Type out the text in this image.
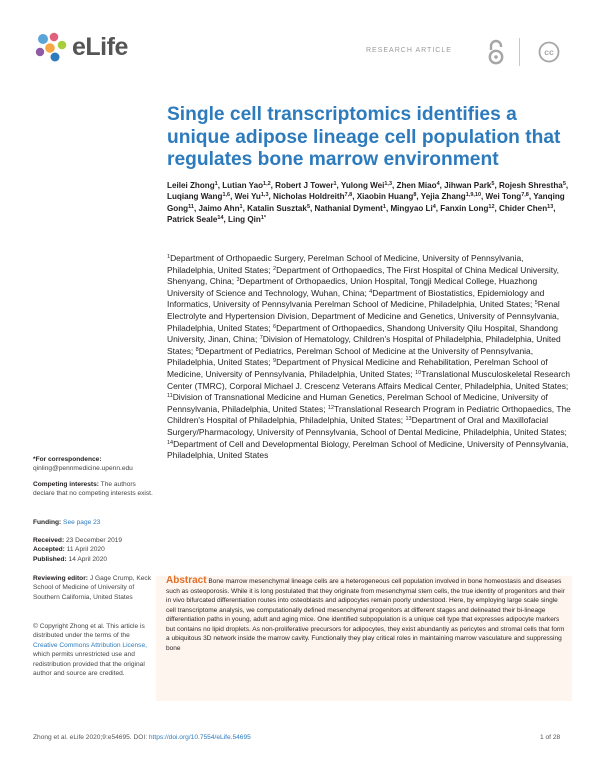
eLife	RESEARCH ARTICLE	cc
Single cell transcriptomics identifies a unique adipose lineage cell population that regulates bone marrow environment
Leilei Zhong$^1$, Lutian Yao$^{1,2}$, Robert J Tower$^1$, Yulong Wei$^{1,3}$, Zhen Miao$^4$, Jihwan Park$^5$, Rojesh Shrestha$^5$, Luqiang Wang$^{1,6}$, Wei Yu$^{1,3}$, Nicholas Holdreith$^{7,8}$, Xiaobin Huang$^8$, Yejia Zhang$^{1,9,10}$, Wei Tong$^{7,8}$, Yanqing Gong$^{11}$, Jaimo Ahn$^1$, Katalin Susztak$^5$, Nathanial Dyment$^1$, Mingyao Li$^4$, Fanxin Long$^{12}$, Chider Chen$^{13}$, Patrick Seale$^{14}$, Ling Qin$^{1*}$
$^1$Department of Orthopaedic Surgery, Perelman School of Medicine, University of Pennsylvania, Philadelphia, United States; $^2$Department of Orthopaedics, The First Hospital of China Medical University, Shenyang, China; $^3$Department of Orthopaedics, Union Hospital, Tongji Medical College, Huazhong University of Science and Technology, Wuhan, China; $^4$Department of Biostatistics, Epidemiology and Informatics, University of Pennsylvania Perelman School of Medicine, Philadelphia, United States; $^5$Renal Electrolyte and Hypertension Division, Department of Medicine and Genetics, University of Pennsylvania, Philadelphia, United States; $^6$Department of Orthopaedics, Shandong University Qilu Hospital, Shandong University, Jinan, China; $^7$Division of Hematology, Children's Hospital of Philadelphia, Philadelphia, United States; $^8$Department of Pediatrics, Perelman School of Medicine at the University of Pennsylvania, Philadelphia, United States; $^9$Department of Physical Medicine and Rehabilitation, Perelman School of Medicine, University of Pennsylvania, Philadelphia, United States; $^{10}$Translational Musculoskeletal Research Center (TMRC), Corporal Michael J. Crescenz Veterans Affairs Medical Center, Philadelphia, United States; $^{11}$Division of Transnational Medicine and Human Genetics, Perelman School of Medicine, University of Pennsylvania, Philadelphia, United States; $^{12}$Translational Research Program in Pediatric Orthopaedics, The Children's Hospital of Philadelphia, Philadelphia, United States; $^{13}$Department of Oral and Maxillofacial Surgery/Pharmacology, University of Pennsylvania, School of Dental Medicine, Philadelphia, United States; $^{14}$Department of Cell and Developmental Biology, Perelman School of Medicine, University of Pennsylvania, Philadelphia, United States
*For correspondence:
qinling@pennmedicine.upenn.edu
Competing interests: The authors declare that no competing interests exist.
Funding: See page 23
Received: 23 December 2019
Accepted: 11 April 2020
Published: 14 April 2020
Reviewing editor: J Gage Crump, Keck School of Medicine of University of Southern California, United States
© Copyright Zhong et al. This article is distributed under the terms of the Creative Commons Attribution License, which permits unrestricted use and redistribution provided that the original author and source are credited.
Abstract Bone marrow mesenchymal lineage cells are a heterogeneous cell population involved in bone homeostasis and diseases such as osteoporosis. While it is long postulated that they originate from mesenchymal stem cells, the true identity of progenitors and their in vivo bifurcated differentiation routes into osteoblasts and adipocytes remain poorly understood. Here, by employing large scale single cell transcriptome analysis, we computationally defined mesenchymal progenitors at different stages and delineated their bi-lineage differentiation paths in young, adult and aging mice. One identified subpopulation is a unique cell type that expresses adipocyte markers but contains no lipid droplets. As non-proliferative precursors for adipocytes, they exist abundantly as pericytes and stromal cells that form a ubiquitous 3D network inside the marrow cavity. Functionally they play critical roles in maintaining marrow vasculature and suppressing bone
Zhong et al. eLife 2020;9:e54695. DOI: https://doi.org/10.7554/eLife.54695	1 of 28
